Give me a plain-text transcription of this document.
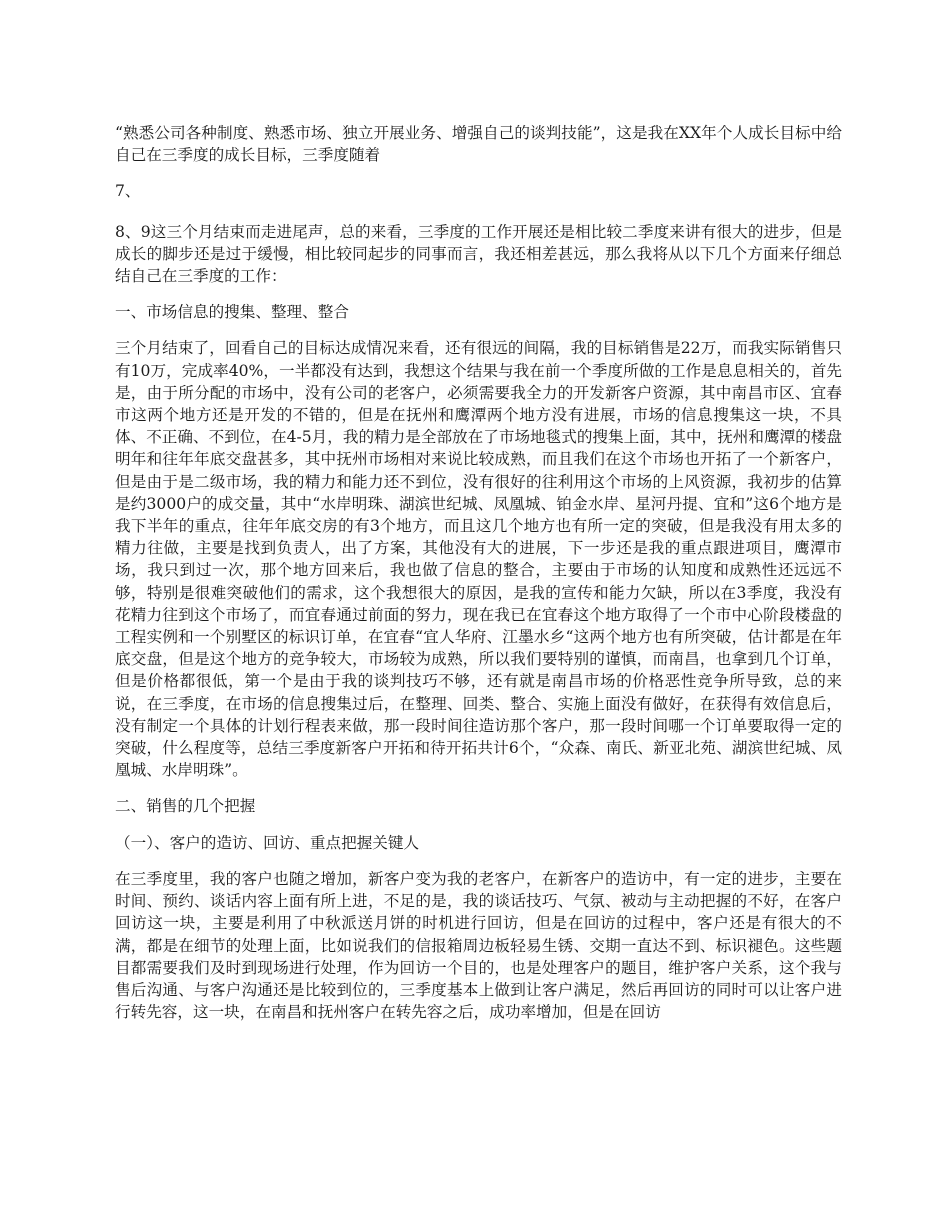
“熟悉公司各种制度、熟悉市场、独立开展业务、增强自己的谈判技能”，这是我在XX年个人成长目标中给自己在三季度的成长目标，三季度随着

7、

8、9这三个月结束而走进尾声，总的来看，三季度的工作开展还是相比较二季度来讲有很大的进步，但是成长的脚步还是过于缓慢，相比较同起步的同事而言，我还相差甚远，那么我将从以下几个方面来仔细总结自己在三季度的工作：

一、市场信息的搜集、整理、整合

三个月结束了，回看自己的目标达成情况来看，还有很远的间隔，我的目标销售是22万，而我实际销售只有10万，完成率40%，一半都没有达到，我想这个结果与我在前一个季度所做的工作是息息相关的，首先是，由于所分配的市场中，没有公司的老客户，必须需要我全力的开发新客户资源，其中南昌市区、宜春市这两个地方还是开发的不错的，但是在抚州和鹰潭两个地方没有进展，市场的信息搜集这一块，不具体、不正确、不到位，在4-5月，我的精力是全部放在了市场地毯式的搜集上面，其中，抚州和鹰潭的楼盘明年和往年年底交盘甚多，其中抚州市场相对来说比较成熟，而且我们在这个市场也开拓了一个新客户，但是由于是二级市场，我的精力和能力还不到位，没有很好的往利用这个市场的上风资源，我初步的估算是约3000户的成交量，其中“水岸明珠、湖滨世纪城、凤凰城、铂金水岸、星河丹提、宜和”这6个地方是我下半年的重点，往年年底交房的有3个地方，而且这几个地方也有所一定的突破，但是我没有用太多的精力往做，主要是找到负责人，出了方案，其他没有大的进展，下一步还是我的重点跟进项目，鹰潭市场，我只到过一次，那个地方回来后，我也做了信息的整合，主要由于市场的认知度和成熟性还远远不够，特别是很难突破他们的需求，这个我想很大的原因，是我的宣传和能力欠缺，所以在3季度，我没有花精力往到这个市场了，而宜春通过前面的努力，现在我已在宜春这个地方取得了一个市中心阶段楼盘的工程实例和一个别墅区的标识订单，在宜春“宜人华府、江墨水乡“这两个地方也有所突破，估计都是在年底交盘，但是这个地方的竞争较大，市场较为成熟，所以我们要特别的谨慎，而南昌，也拿到几个订单，但是价格都很低，第一个是由于我的谈判技巧不够，还有就是南昌市场的价格恶性竞争所导致，总的来说，在三季度，在市场的信息搜集过后，在整理、回类、整合、实施上面没有做好，在获得有效信息后，没有制定一个具体的计划行程表来做，那一段时间往造访那个客户，那一段时间哪一个订单要取得一定的突破，什么程度等，总结三季度新客户开拓和待开拓共计6个，“众森、南氏、新亚北苑、湖滨世纪城、凤凰城、水岸明珠”。

二、销售的几个把握

（一）、客户的造访、回访、重点把握关键人

在三季度里，我的客户也随之增加，新客户变为我的老客户，在新客户的造访中，有一定的进步，主要在时间、预约、谈话内容上面有所上进，不足的是，我的谈话技巧、气氛、被动与主动把握的不好，在客户回访这一块，主要是利用了中秋派送月饼的时机进行回访，但是在回访的过程中，客户还是有很大的不满，都是在细节的处理上面，比如说我们的信报箱周边板轻易生锈、交期一直达不到、标识褪色。这些题目都需要我们及时到现场进行处理，作为回访一个目的，也是处理客户的题目，维护客户关系，这个我与售后沟通、与客户沟通还是比较到位的，三季度基本上做到让客户满足，然后再回访的同时可以让客户进行转先容，这一块，在南昌和抚州客户在转先容之后，成功率增加，但是在回访
